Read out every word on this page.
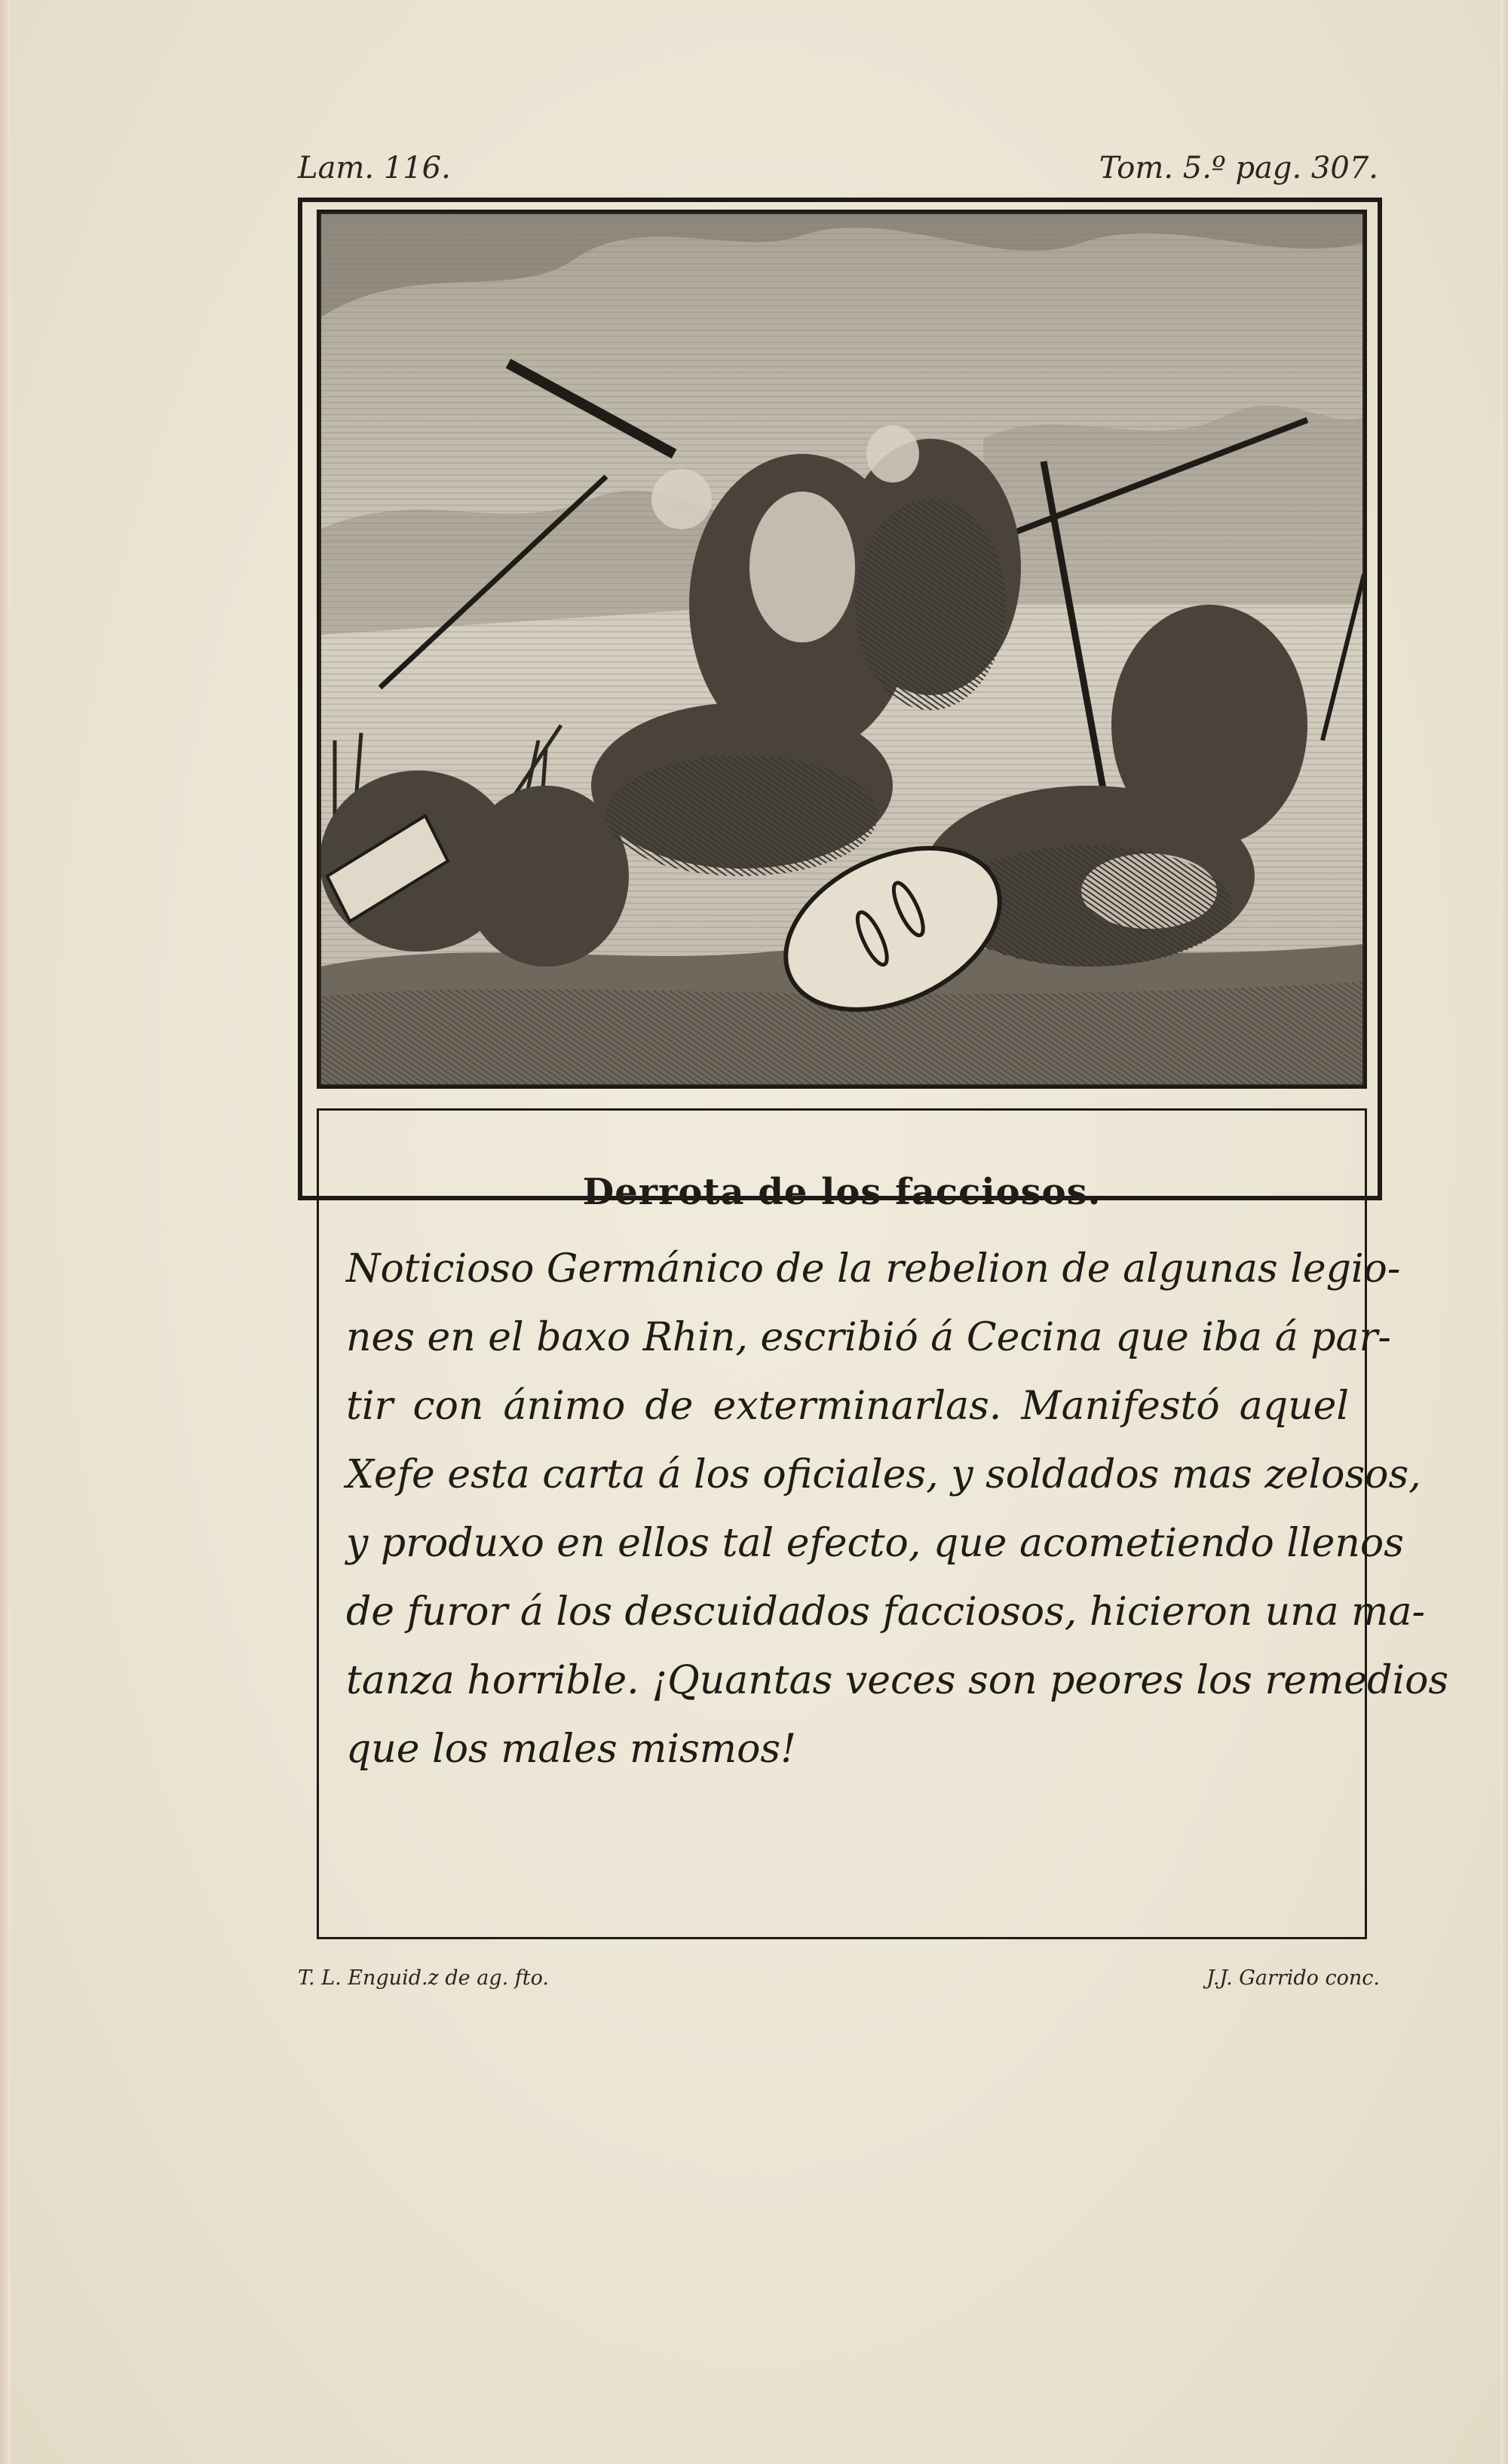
Lam. 116.	Tom. 5.º pag. 307.
Derrota de los facciosos.
Noticioso Germánico de la rebelion de algunas legio-
nes en el baxo Rhin, escribió á Cecina que iba á par-
tir con ánimo de exterminarlas. Manifestó aquel
Xefe esta carta á los oficiales, y soldados mas zelosos,
y produxo en ellos tal efecto, que acometiendo llenos
de furor á los descuidados facciosos, hicieron una ma-
tanza horrible. ¡Quantas veces son peores los remedios
que los males mismos!
T. L. Enguid.z de ag. fto.	J.J. Garrido conc.
